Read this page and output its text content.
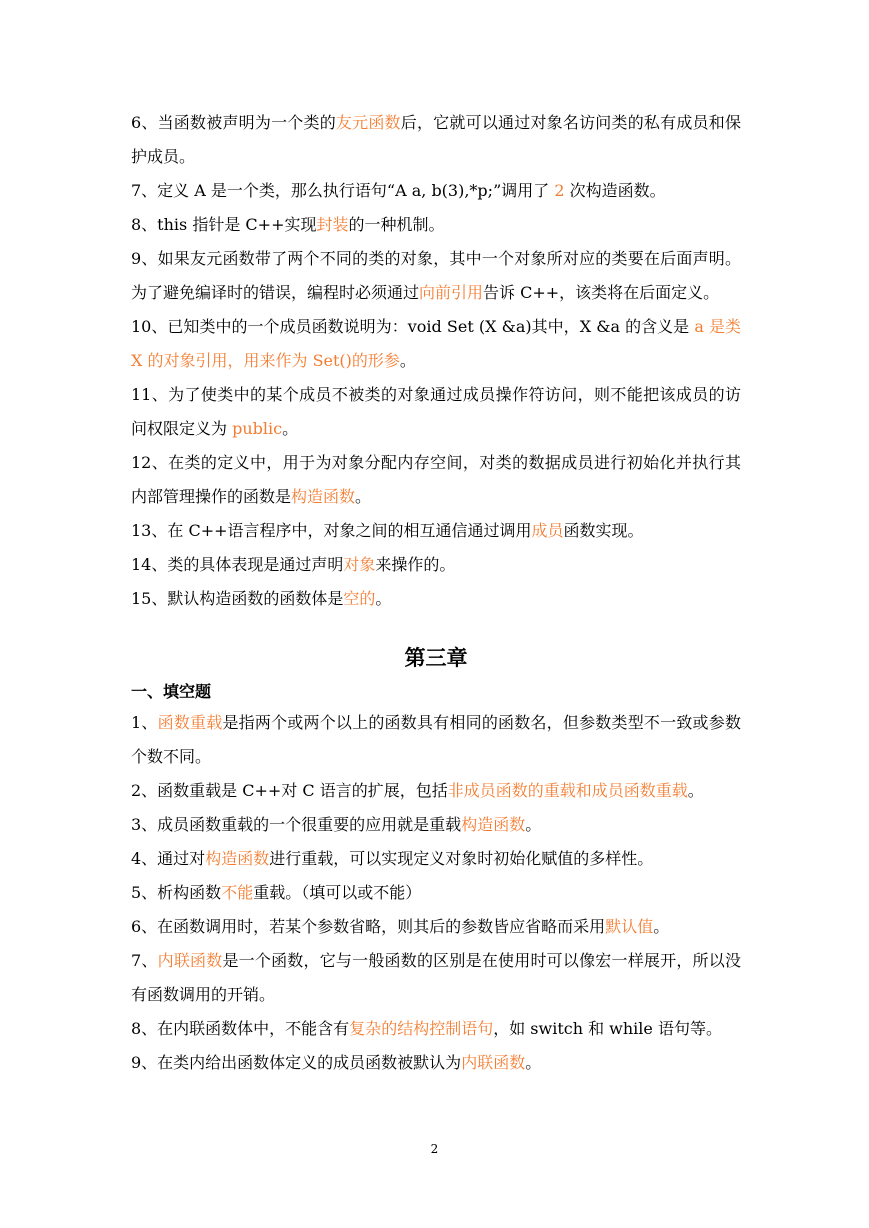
6、当函数被声明为一个类的友元函数后，它就可以通过对象名访问类的私有成员和保护成员。

7、定义 A 是一个类，那么执行语句“A a, b(3),*p;”调用了 2 次构造函数。

8、this 指针是 C++实现封装的一种机制。

9、如果友元函数带了两个不同的类的对象，其中一个对象所对应的类要在后面声明。为了避免编译时的错误，编程时必须通过向前引用告诉 C++，该类将在后面定义。

10、已知类中的一个成员函数说明为：void Set (X &a)其中，X &a 的含义是 a 是类 X 的对象引用，用来作为 Set()的形参。

11、为了使类中的某个成员不被类的对象通过成员操作符访问，则不能把该成员的访问权限定义为 public。

12、在类的定义中，用于为对象分配内存空间，对类的数据成员进行初始化并执行其内部管理操作的函数是构造函数。

13、在 C++语言程序中，对象之间的相互通信通过调用成员函数实现。

14、类的具体表现是通过声明对象来操作的。

15、默认构造函数的函数体是空的。

第三章
一、填空题

1、函数重载是指两个或两个以上的函数具有相同的函数名，但参数类型不一致或参数个数不同。

2、函数重载是 C++对 C 语言的扩展，包括非成员函数的重载和成员函数重载。

3、成员函数重载的一个很重要的应用就是重载构造函数。

4、通过对构造函数进行重载，可以实现定义对象时初始化赋值的多样性。

5、析构函数不能重载。（填可以或不能）

6、在函数调用时，若某个参数省略，则其后的参数皆应省略而采用默认值。

7、内联函数是一个函数，它与一般函数的区别是在使用时可以像宏一样展开，所以没有函数调用的开销。

8、在内联函数体中，不能含有复杂的结构控制语句，如 switch 和 while 语句等。

9、在类内给出函数体定义的成员函数被默认为内联函数。

2
